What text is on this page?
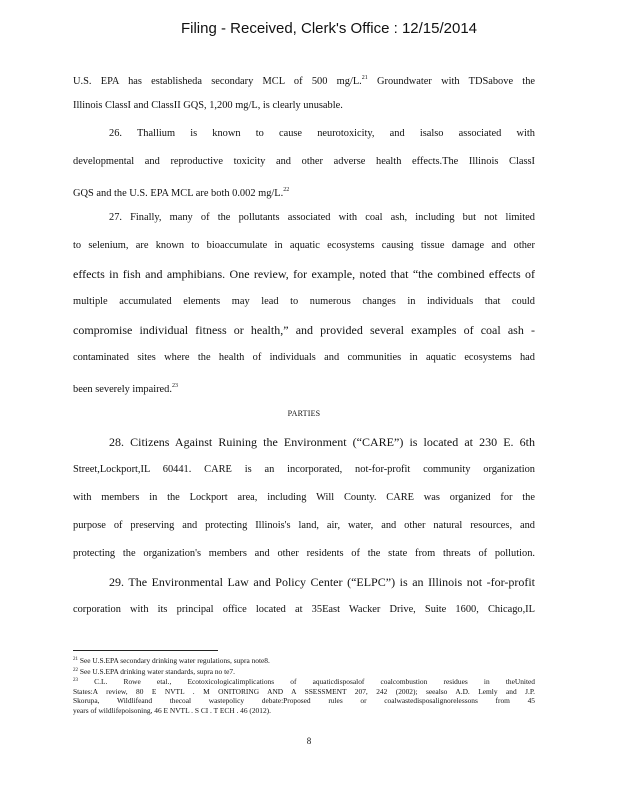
Filing - Received, Clerk's Office : 12/15/2014
U.S. EPA has establisheda secondary MCL of 500 mg/L.$^{21}$ Groundwater with TDSabove the
Illinois ClassI and ClassII GQS, 1,200 mg/L, is clearly unusable.
26. Thallium is known to cause neurotoxicity, and isalso associated with
developmental and reproductive toxicity and other adverse health effects.The Illinois ClassI
GQS and the U.S. EPA MCL are both 0.002 mg/L.$^{22}$
27. Finally, many of the pollutants associated with coal ash, including but not limited
to selenium, are known to bioaccumulate in aquatic ecosystems causing tissue damage and other
effects in fish and amphibians. One review, for example, noted that “the combined effects of
multiple accumulated elements may lead to numerous changes in individuals that could
compromise individual fitness or health,” and provided several examples of coal ash -
contaminated sites where the health of individuals and communities in aquatic ecosystems had
been severely impaired.$^{23}$
PARTIES
28. Citizens Against Ruining the Environment (“CARE”) is located at 230 E. 6th
Street,Lockport,IL 60441. CARE is an incorporated, not-for-profit community organization
with members in the Lockport area, including Will County. CARE was organized for the
purpose of preserving and protecting Illinois's land, air, water, and other natural resources, and
protecting the organization's members and other residents of the state from threats of pollution.
29. The Environmental Law and Policy Center (“ELPC”) is an Illinois not -for-profit
corporation with its principal office located at 35East Wacker Drive, Suite 1600, Chicago,IL
$^{21}$ See U.S.EPA secondary drinking water regulations, supra note8.
$^{22}$ See U.S.EPA drinking water standards, supra no te7.
$^{23}$ C.L. Rowe etal., Ecotoxicologicalimplications of aquaticdisposalof coalcombustion residues in theUnited
States:A review, 80 E NVTL . M ONITORING AND A SSESSMENT 207, 242 (2002); seealso A.D. Lemly and J.P.
Skorupa, Wildlifeand thecoal wastepolicy debate:Proposed rules or coalwastedisposalignorelessons from 45
years of wildlifepoisoning, 46 E NVTL . S CI . T ECH . 46 (2012).
8
